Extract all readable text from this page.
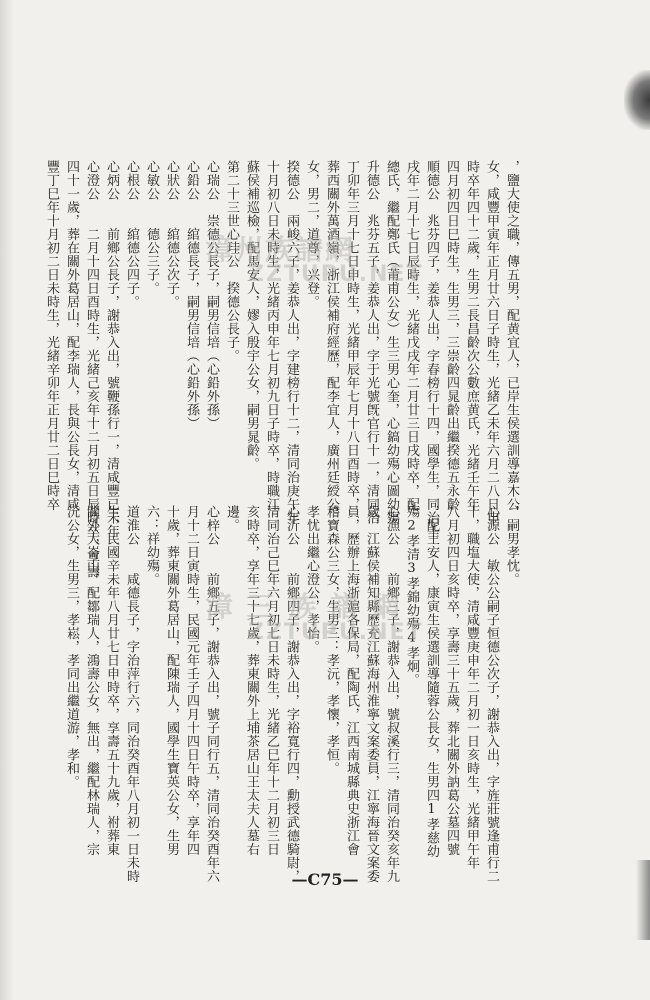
，鹽大使之職，傳五男，配黄宜人，已岸生侯選訓導嘉木公
女，咸豐甲寅年正月廿六日子時生，光緒乙未年六月二八日申
時卒年四十二歲，生男二長昌齡次公數庶黄氏，光緒壬午年
四月初四日巳時生，生男三，三崇齡四晁齡出繼揆德五永齡
順德公　兆芬四子，姜恭人出，字春榜行十四，國學生，同治壬
戌年二月十七日辰時生，光緒戊戌年二月廿三日戌時卒，配
總氏，繼配鄭氏（莆甫公女）生三男心奎，心鎬幼殤心圖幼殤
升德公　兆芬五子，姜恭人出，字于光號旣官行十一，清同治
丁卯年三月十七日申時生，光緒甲辰年七月十八日酉時卒，
葬西關外萬酒嶺，浙江侯補府經歷，配李宜人，廣州廷綬公
女，男二，道尊，兴登。
揆德公　兩峻六子，姜恭人出，字建榜行十二，清同治庚午年
十月初八日未時生，光緒丙申年七月初九日子時卒，時職江
蘇侯補巡檢，配馬安人，嫪入殷宇公女，嗣男晁齡。
第二十三世心珪公　揆德公長子。
心瑞公　崇德公長子，嗣男信培（心鉛外孫）
心鉛公　　綰德長子，嗣男信培（心鉛外孫）
心狀公　　綰德公次子。
心敏公　　德公三子。
心根公　　綰德公四子。
心炳公　　前鄉公長子，謝恭入出，號鞭孫行一，清咸豐已未年
心澄公　　二月十四日酉時生，光緒己亥年十二月初五日辰時卒，享壽
四十一歲，葬在關外葛居山，配李瑞人，長與公長女，清咸
豐丁巳年十月初二日未時生，光緒辛卯年正月廿二日巳時卒
，嗣男孝忱。
心源公　敏公公嗣子恒德公次子，謝恭入出，字旌莊號逢甫行二
十，職塩大使，清咸豐庚申年二月初一日亥時生，光緒甲午年
八月初四日亥時卒，享壽三十五歲，葬北關外訥葛公墓四號
，配王安人，康寅生侯選訓導隨蓉公長女，生男四1孝慈幼
殤2孝清3孝錦幼殤4孝炯。
心漁公　　前鄉三子，謝恭入出，號叔溪行三，清同治癸亥年九
歲，江蘇侯補知縣歷充江蘇海州淮寧文案委員，江寧海晉文案委
員，歷辦上海浙滬各保局，配陶氏，江西南城縣典史浙江會
稽寶森公三女，生男三：孝沅，孝懷，孝恒。
孝忧出繼心澄公，孝怡。
心沂公　　前鄉四子，謝恭入出，字裕寬行四，勳授武德騎尉，
清同治己巳年六月初七日未時生，光緒乙巳年十二月初三日
亥時卒，享年三十七歲，葬東關外上埔茶居山王太夫人墓右
邊。
心梓公　　前鄉五子，謝恭入出，號子同行五，清同治癸酉年六
月十二日寅時生，民國元年壬子四月十四日午時卒，享年四
十歲，葬東關外葛居山，配陳瑞人，國學生寶英公女，生男
六：祥幼殤。
道淮公　　咸德長子，字治萍行六，同治癸酉年八月初一日未時
生，民國辛未年八月廿七日申時卒，享壽五十九歲，祔葬東
關外大崙山，配鄒瑞人，鴻壽公女，無出，繼配林瑞人，宗
沅公女，生男三，孝崧，孝同出繼道游，孝和。
漳州族譜網
ZZTUPU.NET
漳 三 族 譜 網
ZZTUPU.NET
—C75—
